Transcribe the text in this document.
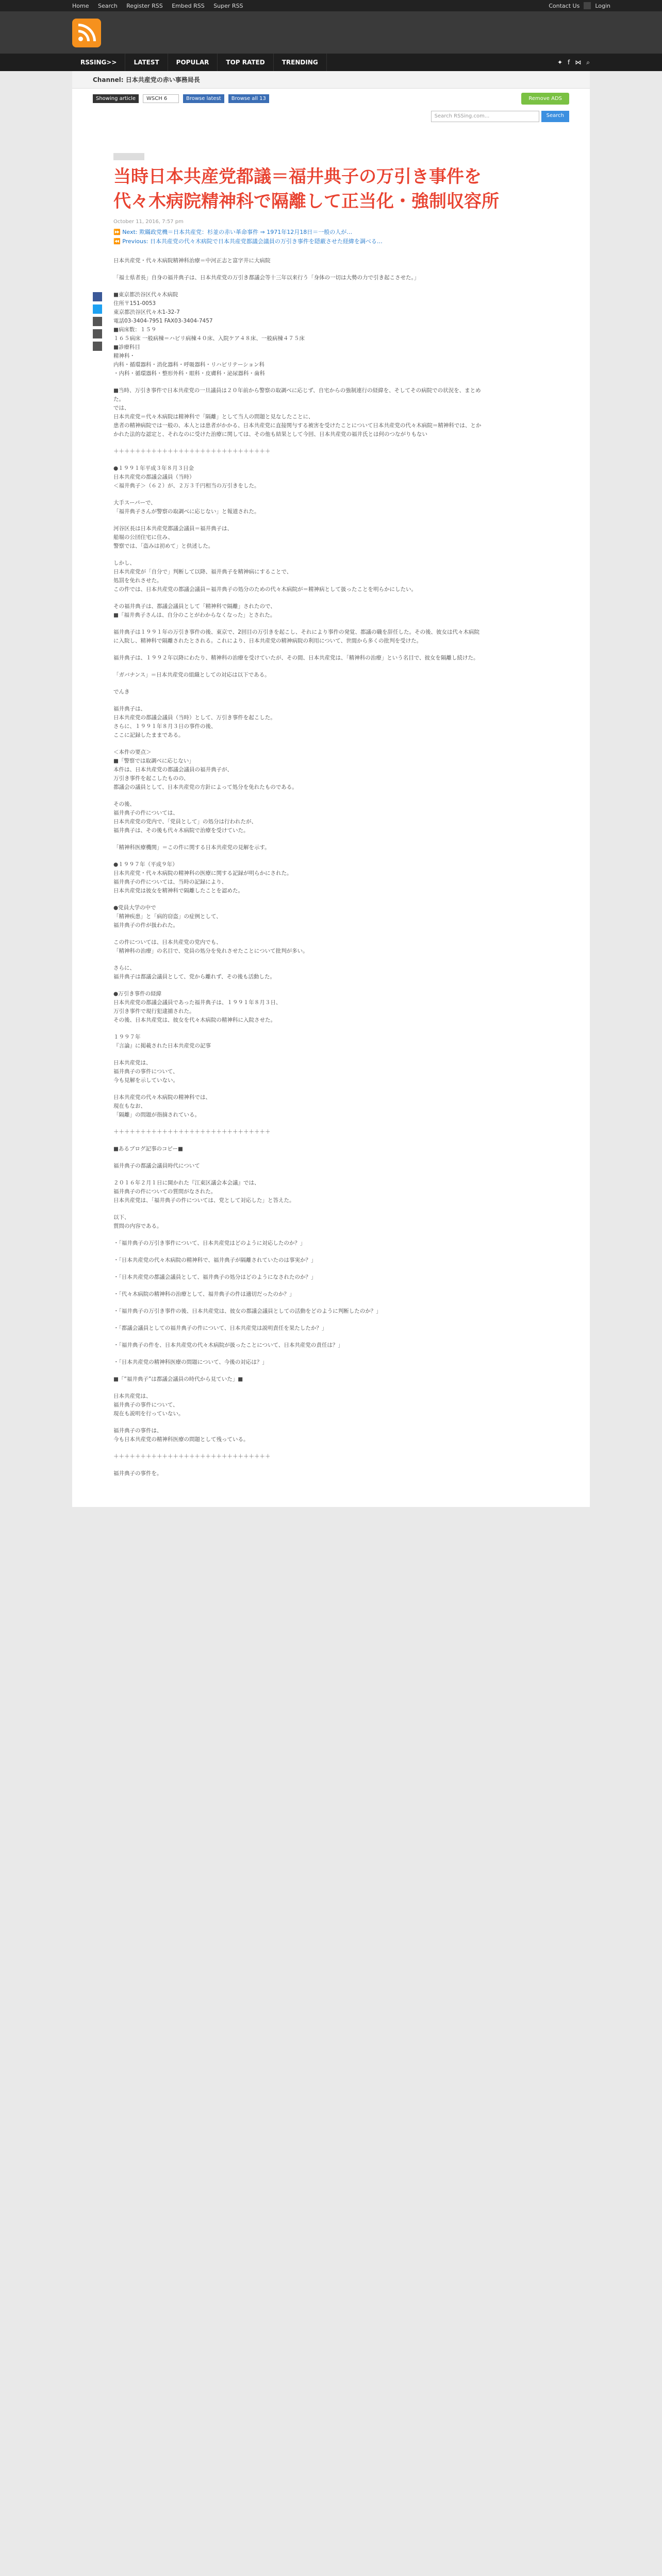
Home Search Register RSS Embed RSS Super RSS	Contact Us	Login
RSSING>>	LATEST	POPULAR	TOP RATED	TRENDING	✦ f ⋈ ⌕
Channel: 日本共産党の赤い事務局長
Showing article	WSCH 6	Browse latest	Browse all 13	Remove ADS
Search RSSing.com...	Search
当時日本共産党都議＝福井典子の万引き事件を代々木病院精神科で隔離して正当化・強制収容所
October 11, 2016, 7:57 pm
⏩ Next: 欺瞞政党機＝日本共産党：杉並の赤い革命事件 ⇒ 1971年12月18日＝一般の人が…
⏪ Previous: 日本共産党の代々木病院で日本共産党都議会議員の万引き事件を隠蔽させた経緯を調べる…

日本共産党・代々木病院精神科治療＝中河正志と富字井に大病院

「福士県者長」自身の福井典子は、日本共産党の万引き都議会等十三年以来行う「身体の一切は大勢の力で引き起こさせた。」

■東京都渋谷区代々木病院
住所〒151-0053
東京都渋谷区代々木1-32-7
電話03-3404-7951 FAX03-3404-7457
■病床数：１５９
１６５病床 一般病棟＝ハビリ病棟４０床、入院ケア４８床、一般病棟４７５床
■診療科目
精神科・
内科・循環器科・消化器科・呼吸器科・リハビリテーション科
・内科・循環器科・整形外科・眼科・皮膚科・泌尿器科・歯科

■当時、万引き事件で日本共産党の一旦議員は２０年前から警察の取調べに応じず、自宅からの強制連行の経緯を、そしてその病院での状況を、まとめた。
では、
日本共産党＝代々木病院は精神科で「隔離」として当人の問題と見なしたことに、
患者の精神病院では一般の、本人とは患者がかかる、日本共産党に直接関与する被害を受けたことについて日本共産党の代々木病院＝精神科では、とかかれた法的な認定と、それなのに受けた治療に関しては、その他も結果として今回、日本共産党の福井氏とは何のつながりもない

＋＋＋＋＋＋＋＋＋＋＋＋＋＋＋＋＋＋＋＋＋＋＋＋＋＋＋＋＋

●１９９１年平成３年８月３日金
日本共産党の都議会議員（当時）
＜福井典子＞（６２）が、２万３千円相当の万引きをした。

大手スーパーで、
「福井典子さんが警察の取調べに応じない」と報道された。

河谷区長は日本共産党都議会議員＝福井典子は、
船堀の公団住宅に住み、
警察では、「盗みは初めて」と供述した。

しかし、
日本共産党が「自分で」判断して以降、福井典子を精神病にすることで、
処罰を免れさせた。
この件では、日本共産党の都議会議員＝福井典子の処分のための代々木病院が＝精神病として扱ったことを明らかにしたい。

その福井典子は、都議会議員として「精神科で隔離」されたので、
■「福井典子さんは、自分のことがわからなくなった」とされた。

福井典子は１９９１年の万引き事件の後、東京で、2回目の万引きを起こし、それにより事件の発覚、都議の職を辞任した。その後、彼女は代々木病院に入院し、精神科で隔離されたとされる。これにより、日本共産党の精神病院の利用について、世間から多くの批判を受けた。

福井典子は、１９９２年以降にわたり、精神科の治療を受けていたが、その間、日本共産党は、「精神科の治療」という名目で、彼女を隔離し続けた。

「ガバナンス」＝日本共産党の組織としての対応は以下である。

でんき

福井典子は、
日本共産党の都議会議員（当時）として、万引き事件を起こした。
さらに、１９９１年８月３日の事件の後、
ここに記録したままである。

＜本件の要点＞
■「警察では取調べに応じない」
本件は、日本共産党の都議会議員の福井典子が、
万引き事件を起こしたものの、
都議会の議員として、日本共産党の方針によって処分を免れたものである。

その後、
福井典子の件については、
日本共産党の党内で、「党員として」の処分は行われたが、
福井典子は、その後も代々木病院で治療を受けていた。

「精神科医療機関」＝この件に関する日本共産党の見解を示す。

●１９９７年（平成９年）
日本共産党・代々木病院の精神科の医療に関する記録が明らかにされた。
福井典子の件については、当時の記録により、
日本共産党は彼女を精神科で隔離したことを認めた。

●党員大学の中で
「精神疾患」と「病的窃盗」の症例として、
福井典子の件が扱われた。

この件については、日本共産党の党内でも、
「精神科の治療」の名目で、党員の処分を免れさせたことについて批判が多い。

さらに、
福井典子は都議会議員として、党から離れず、その後も活動した。

●万引き事件の経緯
日本共産党の都議会議員であった福井典子は、１９９１年８月３日、
万引き事件で現行犯逮捕された。
その後、日本共産党は、彼女を代々木病院の精神科に入院させた。

１９９７年
『言論』に掲載された日本共産党の記事

日本共産党は、
福井典子の事件について、
今も見解を示していない。

日本共産党の代々木病院の精神科では、
現在もなお、
「隔離」の問題が指摘されている。

＋＋＋＋＋＋＋＋＋＋＋＋＋＋＋＋＋＋＋＋＋＋＋＋＋＋＋＋＋

■あるブログ記事のコピー■

福井典子の都議会議員時代について

２０１６年２月１日に開かれた『江東区議会本会議』では、
福井典子の件についての質問がなされた。
日本共産党は、「福井典子の件については、党として対応した」と答えた。

以下、
質問の内容である。

・「福井典子の万引き事件について、日本共産党はどのように対応したのか？」

・「日本共産党の代々木病院の精神科で、福井典子が隔離されていたのは事実か？」

・「日本共産党の都議会議員として、福井典子の処分はどのようになされたのか？」

・「代々木病院の精神科の治療として、福井典子の件は適切だったのか？」

・「福井典子の万引き事件の後、日本共産党は、彼女の都議会議員としての活動をどのように判断したのか？」

・「都議会議員としての福井典子の件について、日本共産党は説明責任を果たしたか？」

・「福井典子の件を、日本共産党の代々木病院が扱ったことについて、日本共産党の責任は？」

・「日本共産党の精神科医療の問題について、今後の対応は？」

■「”福井典子”は都議会議員の時代から見ていた」■

日本共産党は、
福井典子の事件について、
現在も説明を行っていない。

福井典子の事件は、
今も日本共産党の精神科医療の問題として残っている。

＋＋＋＋＋＋＋＋＋＋＋＋＋＋＋＋＋＋＋＋＋＋＋＋＋＋＋＋＋

福井典子の事件を。
